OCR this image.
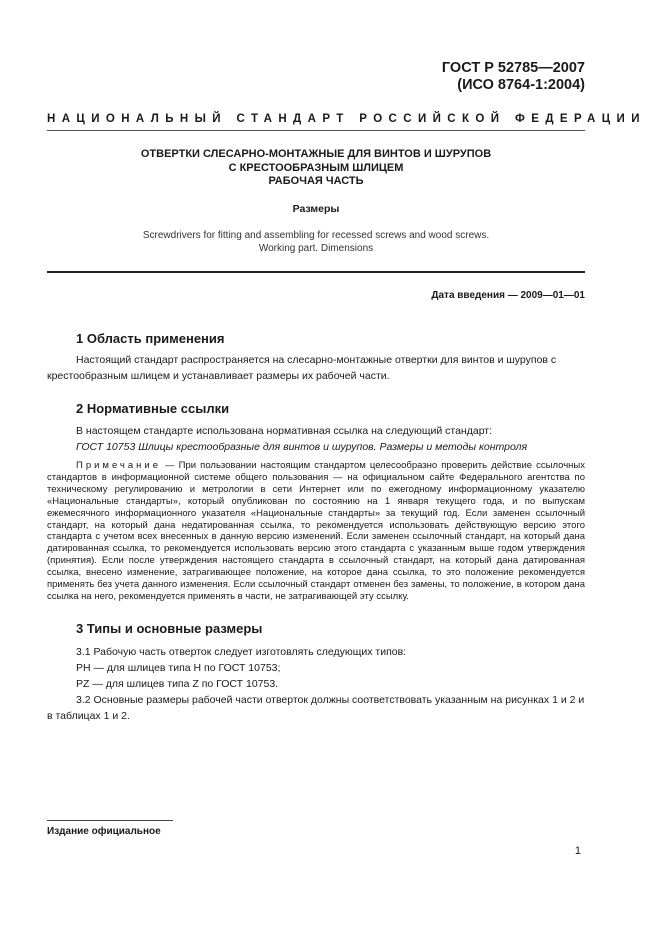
ГОСТ Р 52785—2007
(ИСО 8764-1:2004)
НАЦИОНАЛЬНЫЙ СТАНДАРТ РОССИЙСКОЙ ФЕДЕРАЦИИ
ОТВЕРТКИ СЛЕСАРНО-МОНТАЖНЫЕ ДЛЯ ВИНТОВ И ШУРУПОВ
С КРЕСТООБРАЗНЫМ ШЛИЦЕМ
РАБОЧАЯ ЧАСТЬ
Размеры
Screwdrivers for fitting and assembling for recessed screws and wood screws.
Working part. Dimensions
Дата введения — 2009—01—01
1 Область применения

Настоящий стандарт распространяется на слесарно-монтажные отвертки для винтов и шурупов с крестообразным шлицем и устанавливает размеры их рабочей части.

2 Нормативные ссылки

В настоящем стандарте использована нормативная ссылка на следующий стандарт:

ГОСТ 10753 Шлицы крестообразные для винтов и шурупов. Размеры и методы контроля

Примечание — При пользовании настоящим стандартом целесообразно проверить действие ссылочных стандартов в информационной системе общего пользования — на официальном сайте Федерального агентства по техническому регулированию и метрологии в сети Интернет или по ежегодному информационному указателю «Национальные стандарты», который опубликован по состоянию на 1 января текущего года, и по выпускам ежемесячного информационного указателя «Национальные стандарты» за текущий год. Если заменен ссылочный стандарт, на который дана недатированная ссылка, то рекомендуется использовать действующую версию этого стандарта с учетом всех внесенных в данную версию изменений. Если заменен ссылочный стандарт, на который дана датированная ссылка, то рекомендуется использовать версию этого стандарта с указанным выше годом утверждения (принятия). Если после утверждения настоящего стандарта в ссылочный стандарт, на который дана датированная ссылка, внесено изменение, затрагивающее положение, на которое дана ссылка, то это положение рекомендуется применять без учета данного изменения. Если ссылочный стандарт отменен без замены, то положение, в котором дана ссылка на него, рекомендуется применять в части, не затрагивающей эту ссылку.

3 Типы и основные размеры

3.1 Рабочую часть отверток следует изготовлять следующих типов:

PH — для шлицев типа H по ГОСТ 10753;

PZ — для шлицев типа Z по ГОСТ 10753.

3.2 Основные размеры рабочей части отверток должны соответствовать указанным на рисунках 1 и 2 и в таблицах 1 и 2.

Издание официальное
1
